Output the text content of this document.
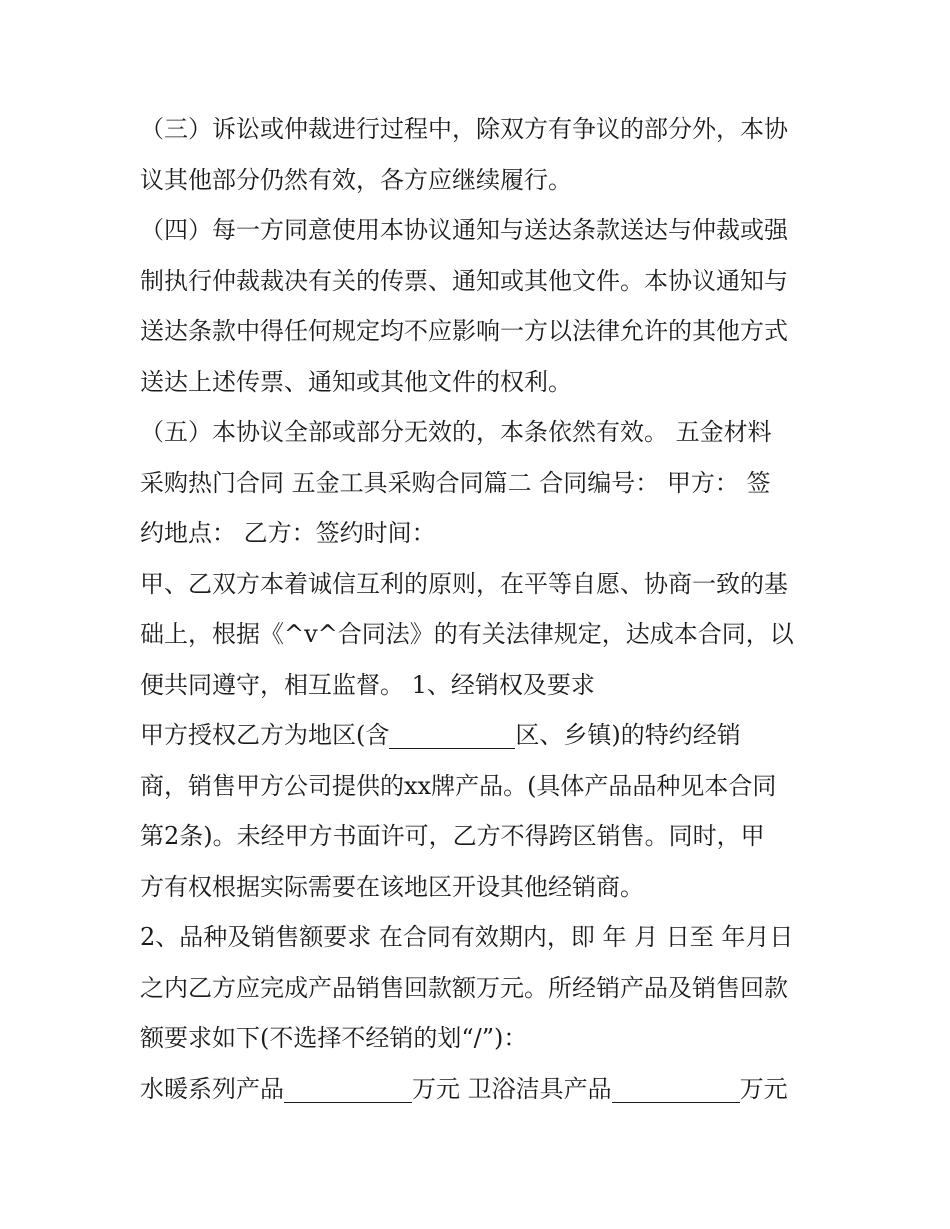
（三）诉讼或仲裁进行过程中，除双方有争议的部分外，本协
议其他部分仍然有效，各方应继续履行。
（四）每一方同意使用本协议通知与送达条款送达与仲裁或强
制执行仲裁裁决有关的传票、通知或其他文件。本协议通知与
送达条款中得任何规定均不应影响一方以法律允许的其他方式
送达上述传票、通知或其他文件的权利。
（五）本协议全部或部分无效的，本条依然有效。 五金材料
采购热门合同 五金工具采购合同篇二 合同编号： 甲方： 签
约地点： 乙方：签约时间：
甲、乙双方本着诚信互利的原则，在平等自愿、协商一致的基
础上，根据《^v^合同法》的有关法律规定，达成本合同，以
便共同遵守，相互监督。 1、经销权及要求
甲方授权乙方为地区(含	区、乡镇)的特约经销
商，销售甲方公司提供的xx牌产品。(具体产品品种见本合同
第2条)。未经甲方书面许可，乙方不得跨区销售。同时，甲
方有权根据实际需要在该地区开设其他经销商。
2、品种及销售额要求 在合同有效期内，即 年 月 日至 年月日
之内乙方应完成产品销售回款额万元。所经销产品及销售回款
额要求如下(不选择不经销的划“/”)：
水暖系列产品	万元 卫浴洁具产品	万元
